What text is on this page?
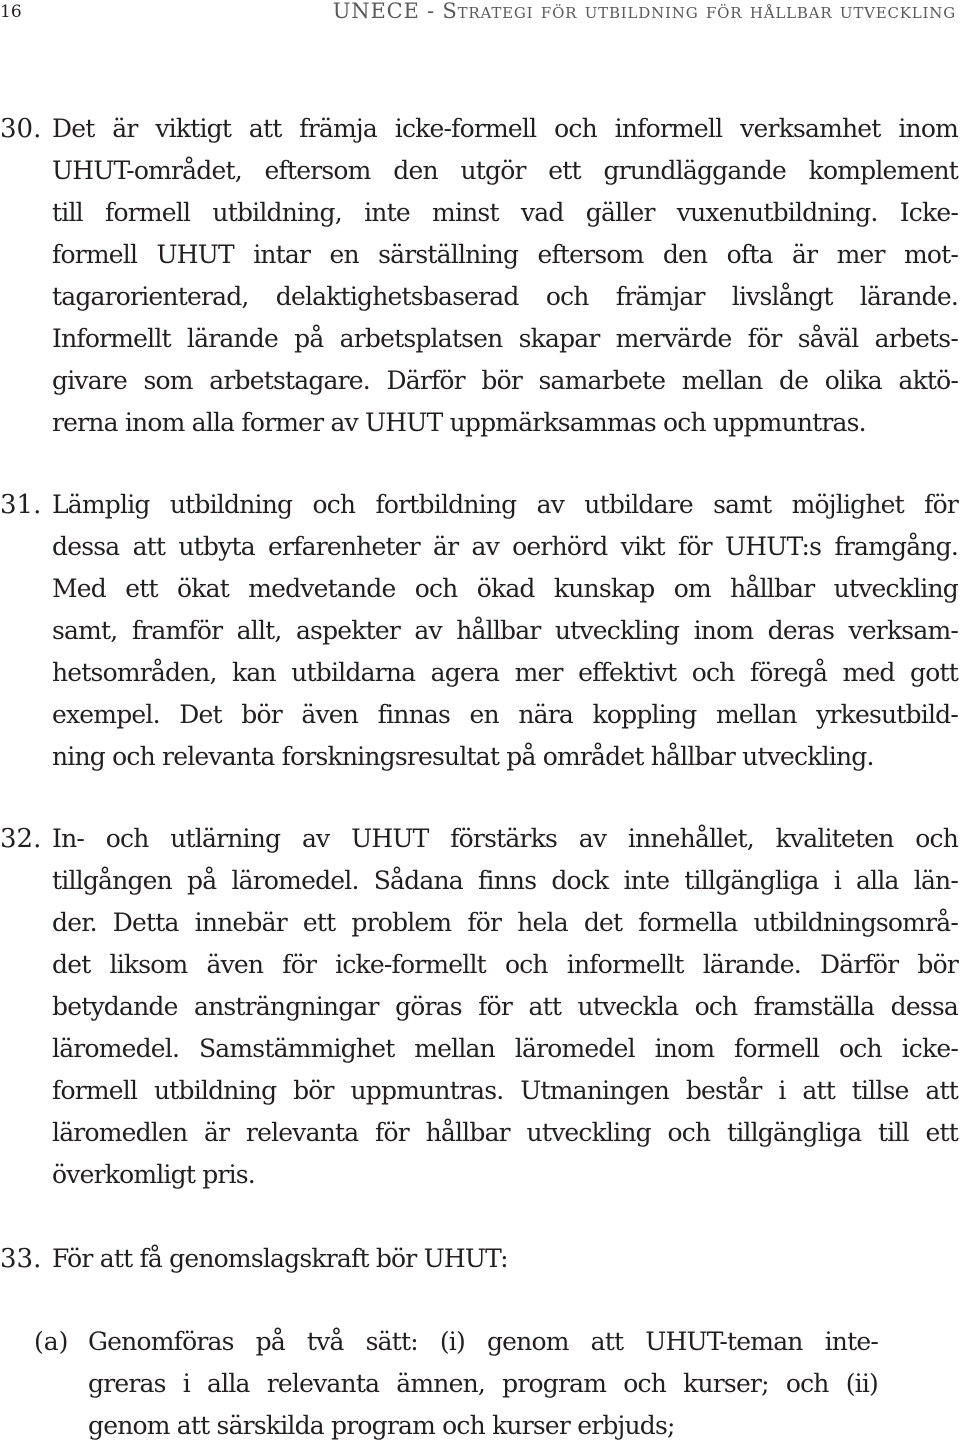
16	UNECE - Strategi för utbildning för hållbar utveckling
30. Det är viktigt att främja icke-formell och informell verksamhet inom
UHUT-området, eftersom den utgör ett grundläggande komplement
till formell utbildning, inte minst vad gäller vuxenutbildning. Icke-
formell UHUT intar en särställning eftersom den ofta är mer mot-
tagarorienterad, delaktighetsbaserad och främjar livslångt lärande.
Informellt lärande på arbetsplatsen skapar mervärde för såväl arbets-
givare som arbetstagare. Därför bör samarbete mellan de olika aktö-
rerna inom alla former av UHUT uppmärksammas och uppmuntras.
31. Lämplig utbildning och fortbildning av utbildare samt möjlighet för
dessa att utbyta erfarenheter är av oerhörd vikt för UHUT:s framgång.
Med ett ökat medvetande och ökad kunskap om hållbar utveckling
samt, framför allt, aspekter av hållbar utveckling inom deras verksam-
hetsområden, kan utbildarna agera mer effektivt och föregå med gott
exempel. Det bör även finnas en nära koppling mellan yrkesutbild-
ning och relevanta forskningsresultat på området hållbar utveckling.
32. In- och utlärning av UHUT förstärks av innehållet, kvaliteten och
tillgången på läromedel. Sådana finns dock inte tillgängliga i alla län-
der. Detta innebär ett problem för hela det formella utbildningsområ-
det liksom även för icke-formellt och informellt lärande. Därför bör
betydande ansträngningar göras för att utveckla och framställa dessa
läromedel. Samstämmighet mellan läromedel inom formell och icke-
formell utbildning bör uppmuntras. Utmaningen består i att tillse att
läromedlen är relevanta för hållbar utveckling och tillgängliga till ett
överkomligt pris.
33. För att få genomslagskraft bör UHUT:
(a) Genomföras på två sätt: (i) genom att UHUT-teman inte-
greras i alla relevanta ämnen, program och kurser; och (ii)
genom att särskilda program och kurser erbjuds;
